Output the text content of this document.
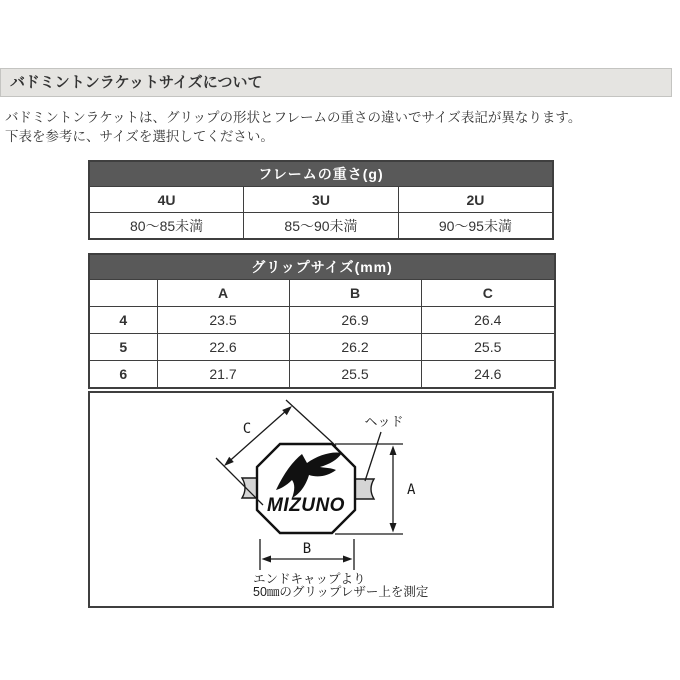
バドミントンラケットサイズについて
バドミントンラケットは、グリップの形状とフレームの重さの違いでサイズ表記が異なります。
下表を参考に、サイズを選択してください。
フレームの重さ(g)		
4U	3U	2U
80〜85未満	85〜90未満	90〜95未満
グリップサイズ(mm)			
	A	B	C
4	23.5	26.9	26.4
5	22.6	26.2	25.5
6	21.7	25.5	24.6
MIZUNO
C	ヘッド
A
B
エンドキャップより
50㎜のグリップレザー上を測定
